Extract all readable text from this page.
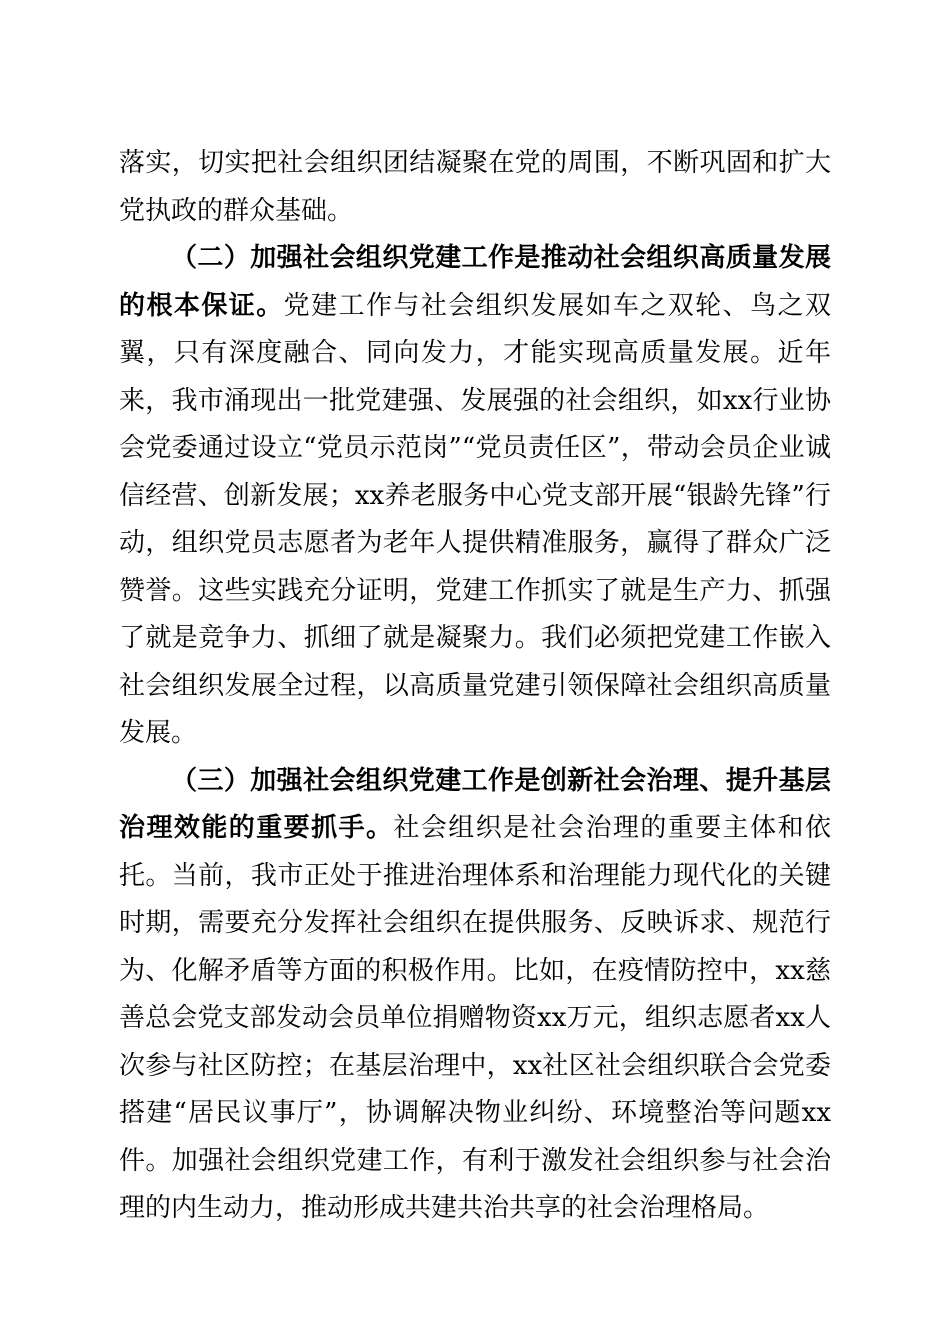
落实，切实把社会组织团结凝聚在党的周围，不断巩固和扩大党执政的群众基础。

（二）加强社会组织党建工作是推动社会组织高质量发展的根本保证。党建工作与社会组织发展如车之双轮、鸟之双翼，只有深度融合、同向发力，才能实现高质量发展。近年来，我市涌现出一批党建强、发展强的社会组织，如xx行业协会党委通过设立“党员示范岗”“党员责任区”，带动会员企业诚信经营、创新发展；xx养老服务中心党支部开展“银龄先锋”行动，组织党员志愿者为老年人提供精准服务，赢得了群众广泛赞誉。这些实践充分证明，党建工作抓实了就是生产力、抓强了就是竞争力、抓细了就是凝聚力。我们必须把党建工作嵌入社会组织发展全过程，以高质量党建引领保障社会组织高质量发展。

（三）加强社会组织党建工作是创新社会治理、提升基层治理效能的重要抓手。社会组织是社会治理的重要主体和依托。当前，我市正处于推进治理体系和治理能力现代化的关键时期，需要充分发挥社会组织在提供服务、反映诉求、规范行为、化解矛盾等方面的积极作用。比如，在疫情防控中，xx慈善总会党支部发动会员单位捐赠物资xx万元，组织志愿者xx人次参与社区防控；在基层治理中，xx社区社会组织联合会党委搭建“居民议事厅”，协调解决物业纠纷、环境整治等问题xx件。加强社会组织党建工作，有利于激发社会组织参与社会治理的内生动力，推动形成共建共治共享的社会治理格局。
